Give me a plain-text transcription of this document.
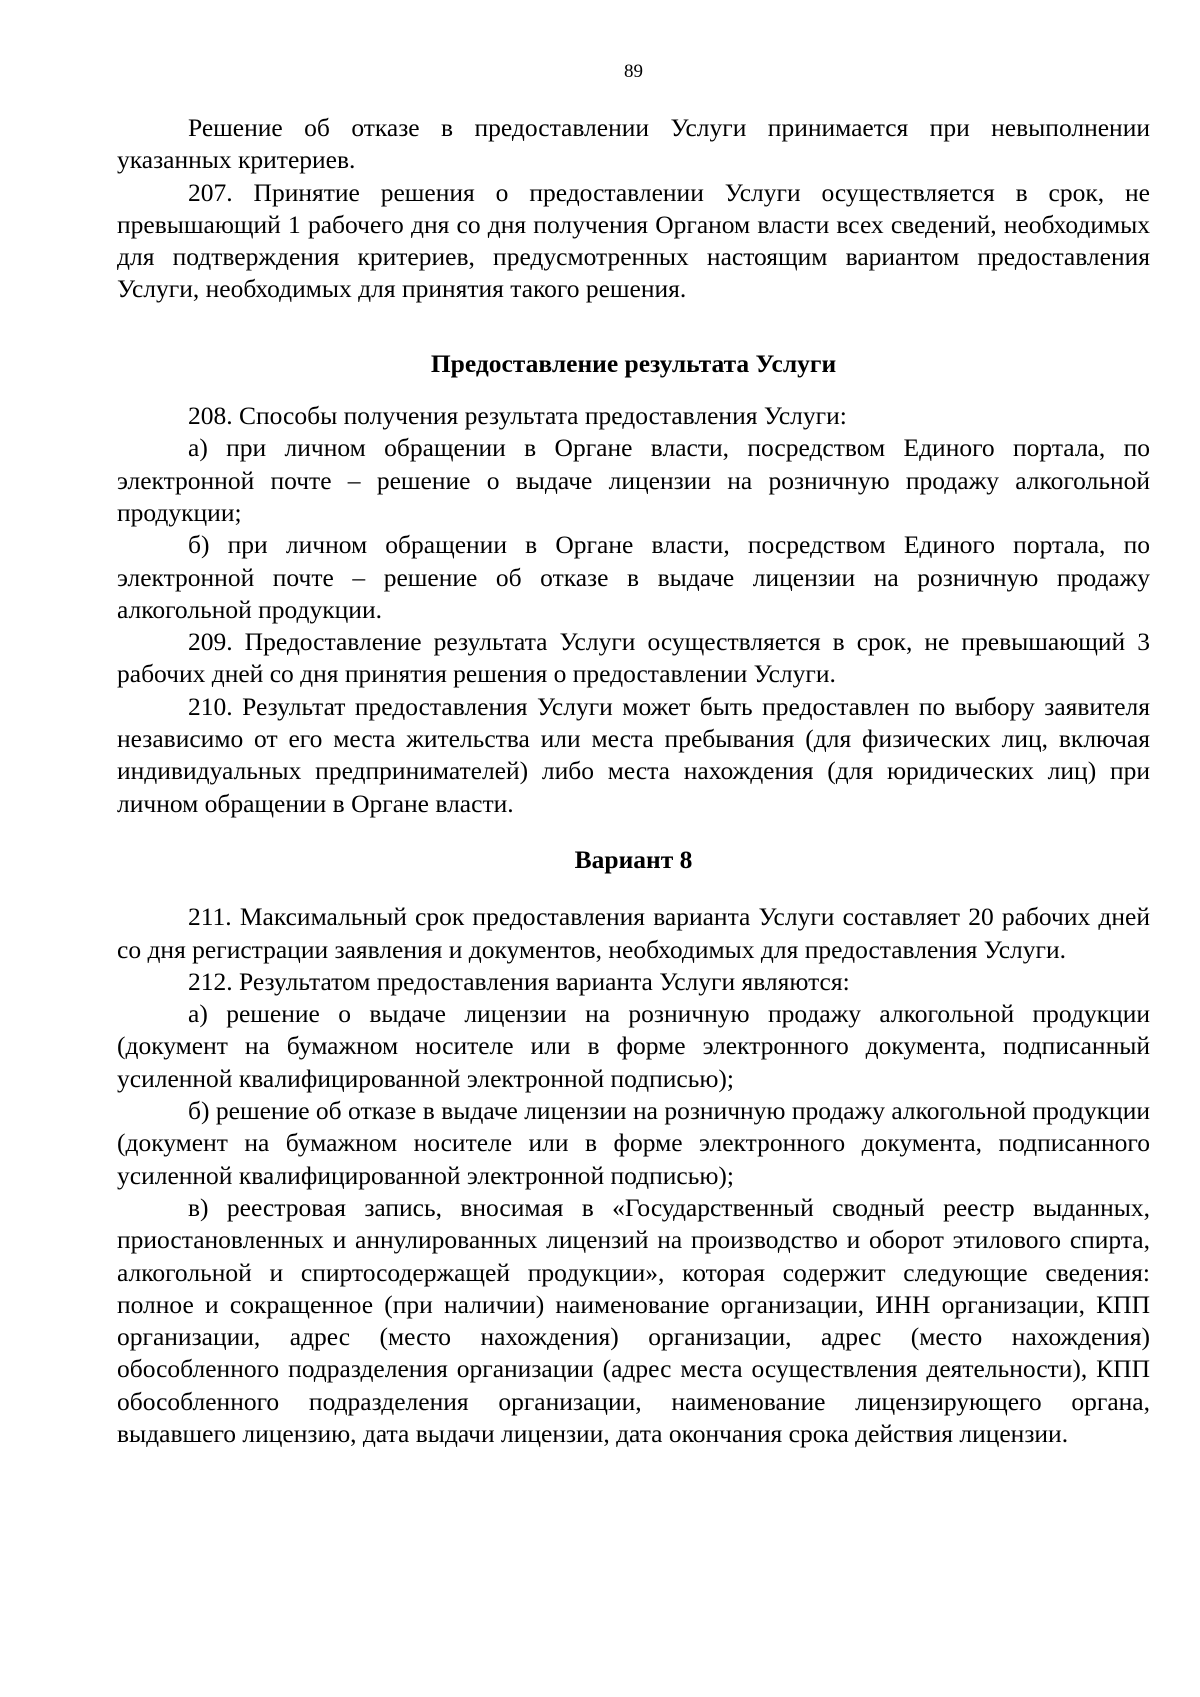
89

Решение об отказе в предоставлении Услуги принимается при невыполнении указанных критериев.

207. Принятие решения о предоставлении Услуги осуществляется в срок, не превышающий 1 рабочего дня со дня получения Органом власти всех сведений, необходимых для подтверждения критериев, предусмотренных настоящим вариантом предоставления Услуги, необходимых для принятия такого решения.

Предоставление результата Услуги

208. Способы получения результата предоставления Услуги:

а) при личном обращении в Органе власти, посредством Единого портала, по электронной почте – решение о выдаче лицензии на розничную продажу алкогольной продукции;

б) при личном обращении в Органе власти, посредством Единого портала, по электронной почте – решение об отказе в выдаче лицензии на розничную продажу алкогольной продукции.

209. Предоставление результата Услуги осуществляется в срок, не превышающий 3 рабочих дней со дня принятия решения о предоставлении Услуги.

210. Результат предоставления Услуги может быть предоставлен по выбору заявителя независимо от его места жительства или места пребывания (для физических лиц, включая индивидуальных предпринимателей) либо места нахождения (для юридических лиц) при личном обращении в Органе власти.

Вариант 8

211. Максимальный срок предоставления варианта Услуги составляет 20 рабочих дней со дня регистрации заявления и документов, необходимых для предоставления Услуги.

212. Результатом предоставления варианта Услуги являются:

а) решение о выдаче лицензии на розничную продажу алкогольной продукции (документ на бумажном носителе или в форме электронного документа, подписанный усиленной квалифицированной электронной подписью);

б) решение об отказе в выдаче лицензии на розничную продажу алкогольной продукции (документ на бумажном носителе или в форме электронного документа, подписанного усиленной квалифицированной электронной подписью);

в) реестровая запись, вносимая в «Государственный сводный реестр выданных, приостановленных и аннулированных лицензий на производство и оборот этилового спирта, алкогольной и спиртосодержащей продукции», которая содержит следующие сведения: полное и сокращенное (при наличии) наименование организации, ИНН организации, КПП организации, адрес (место нахождения) организации, адрес (место нахождения) обособленного подразделения организации (адрес места осуществления деятельности), КПП обособленного подразделения организации, наименование лицензирующего органа, выдавшего лицензию, дата выдачи лицензии, дата окончания срока действия лицензии.
